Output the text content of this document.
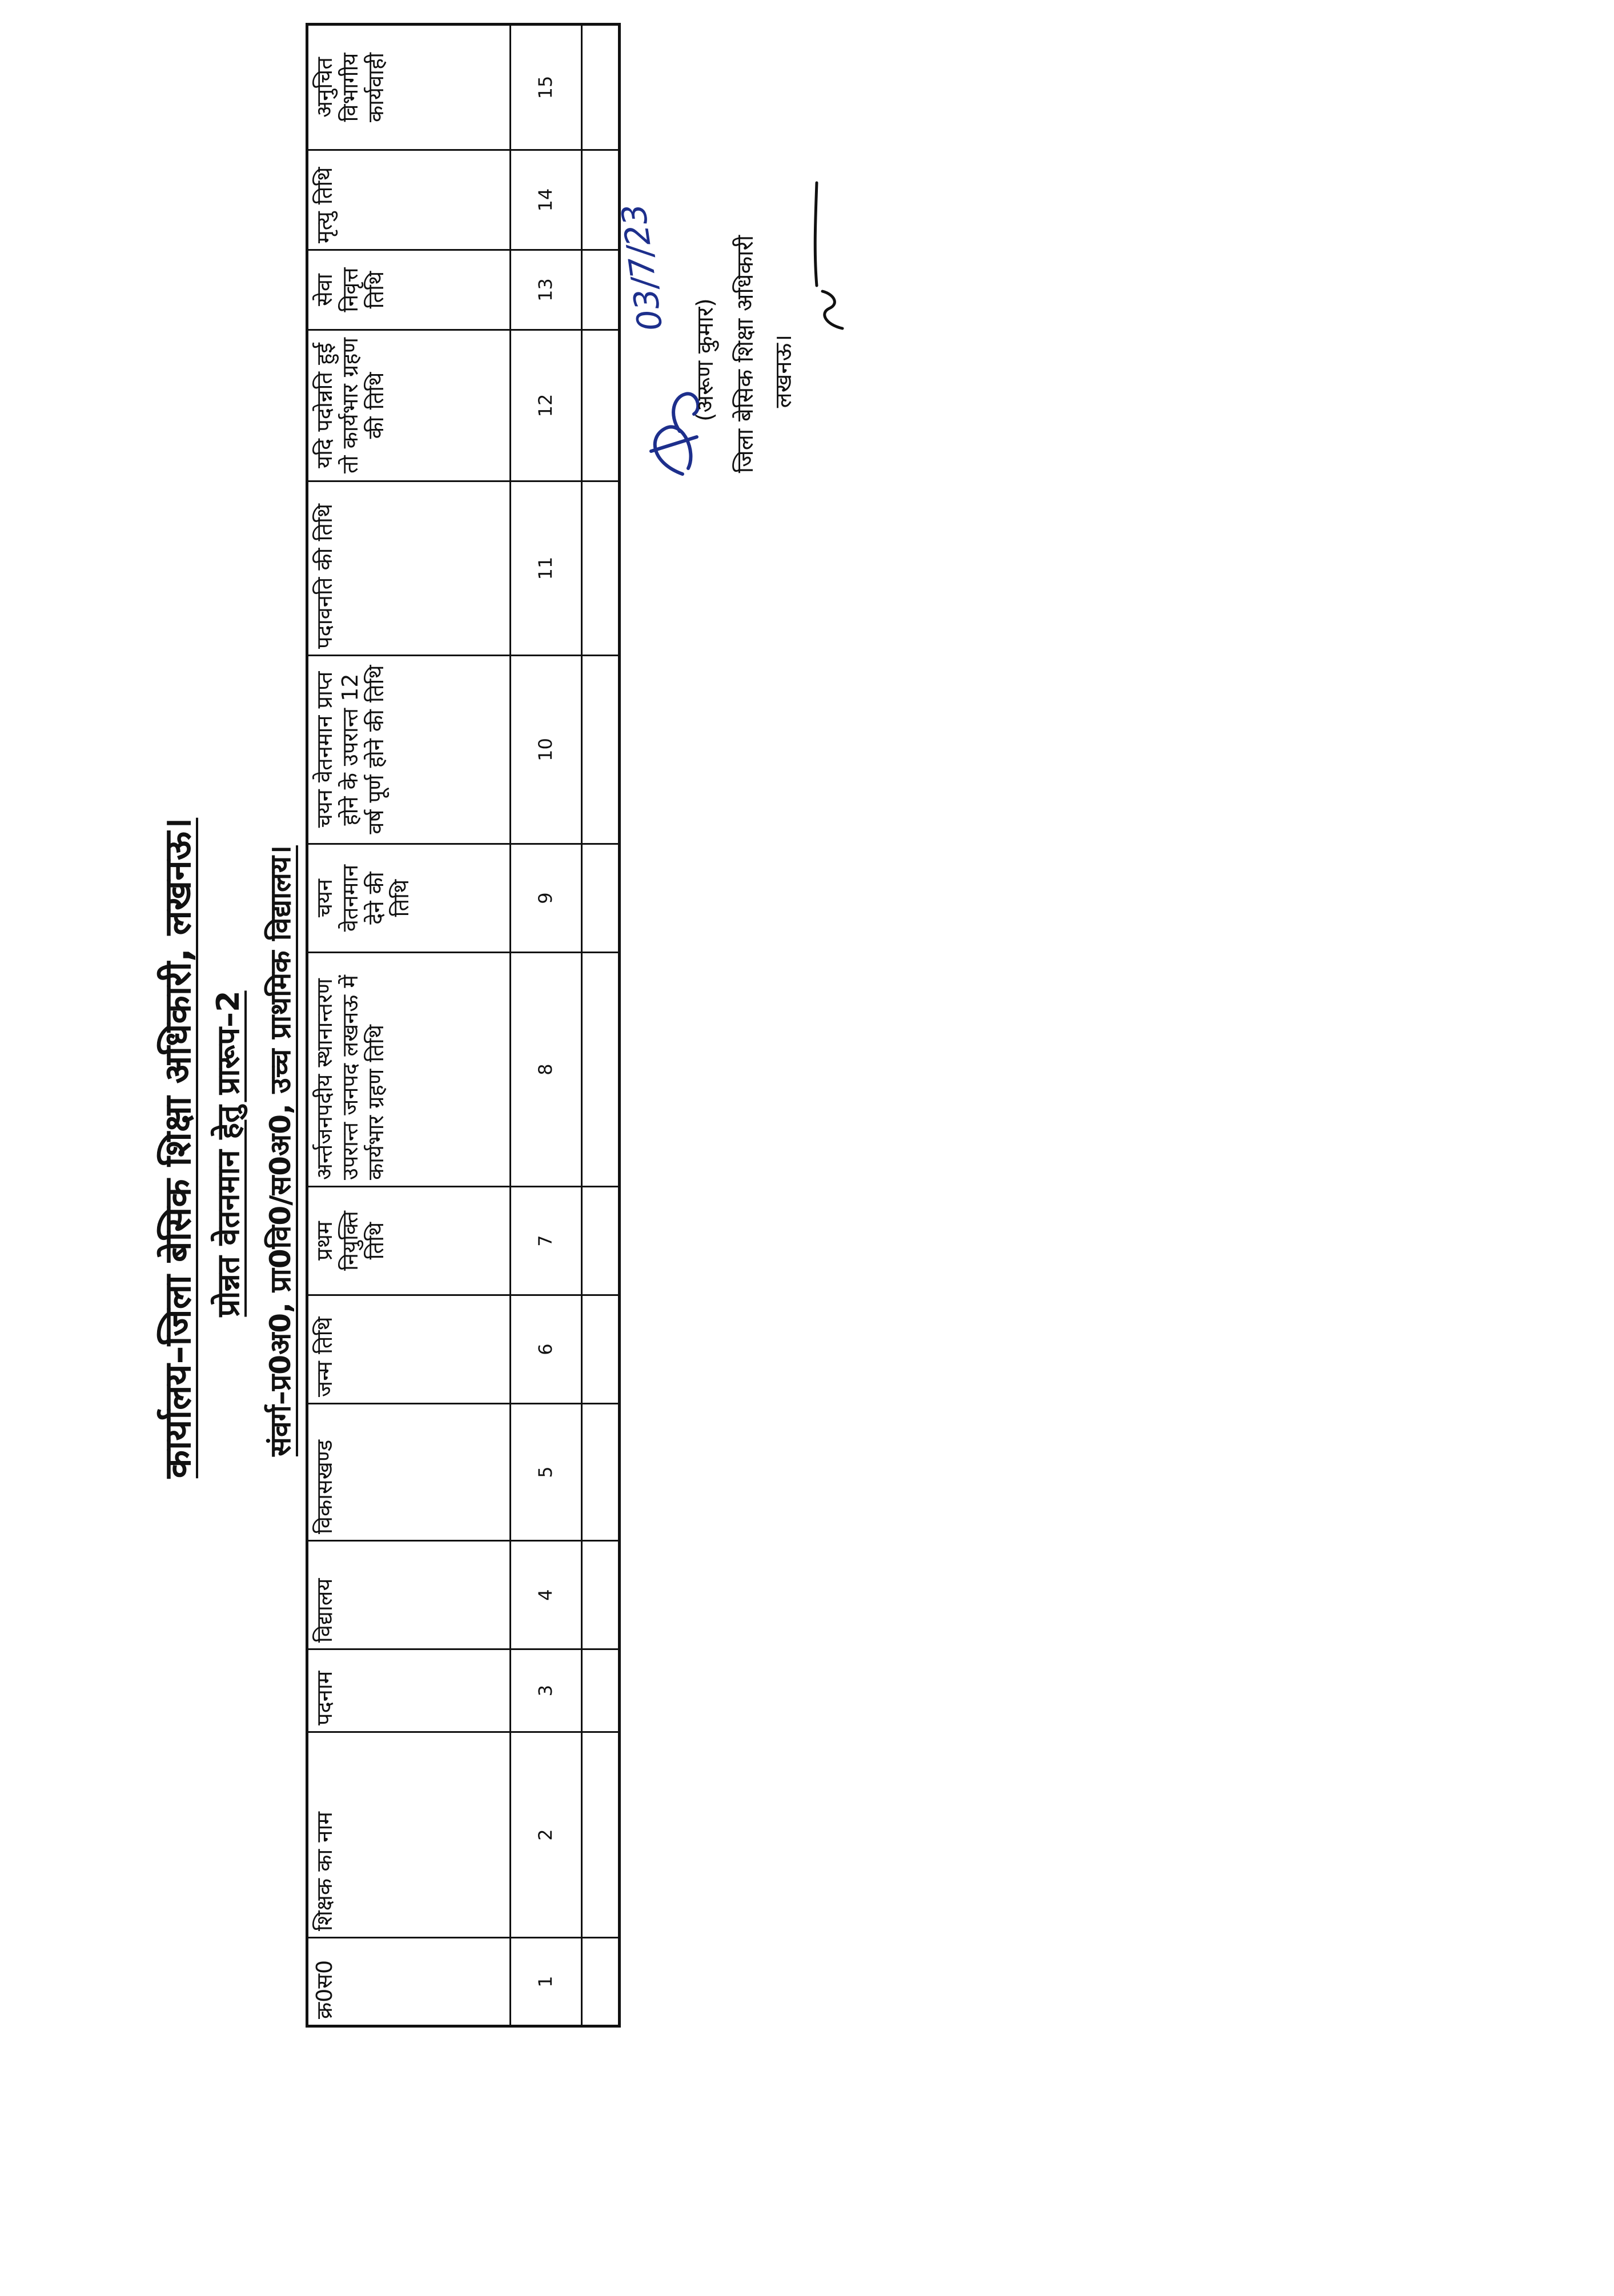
कार्यालय–जिला बेसिक शिक्षा अधिकारी, लखनऊ। प्रोन्नत वेतनमान हेतु प्रारूप–2 संवर्ग–प्र0अ0, प्रा0वि0/स0अ0, उच्च प्राथमिक विद्यालय।
क्र0स0	शिक्षक का नाम	पदनाम	विद्यालय	विकासखण्ड	जन्म तिथि	प्रथम नियुक्ति तिथि	अर्न्तजनपदीय स्थानान्तरण उपरान्त जनपद लखनऊ में कार्यभार ग्रहण तिथि	चयन वेतनमान देने की तिथि	चयन वेतनमान प्राप्त होने के उपरान्त 12 वर्ष पूर्ण होने की तिथि	पदावनति की तिथि	यदि पदोन्नति हुई तो कार्यभार ग्रहण की तिथि	सेवा निवृत्त तिथि	मृत्यु तिथि	अनुचित विभागीय कार्यवाही
1	2	3	4	5	6	7	8	9	10	11	12	13	14	15

03/7/23
(अरूण कुमार) जिला बेसिक शिक्षा अधिकारी लखनऊ।
